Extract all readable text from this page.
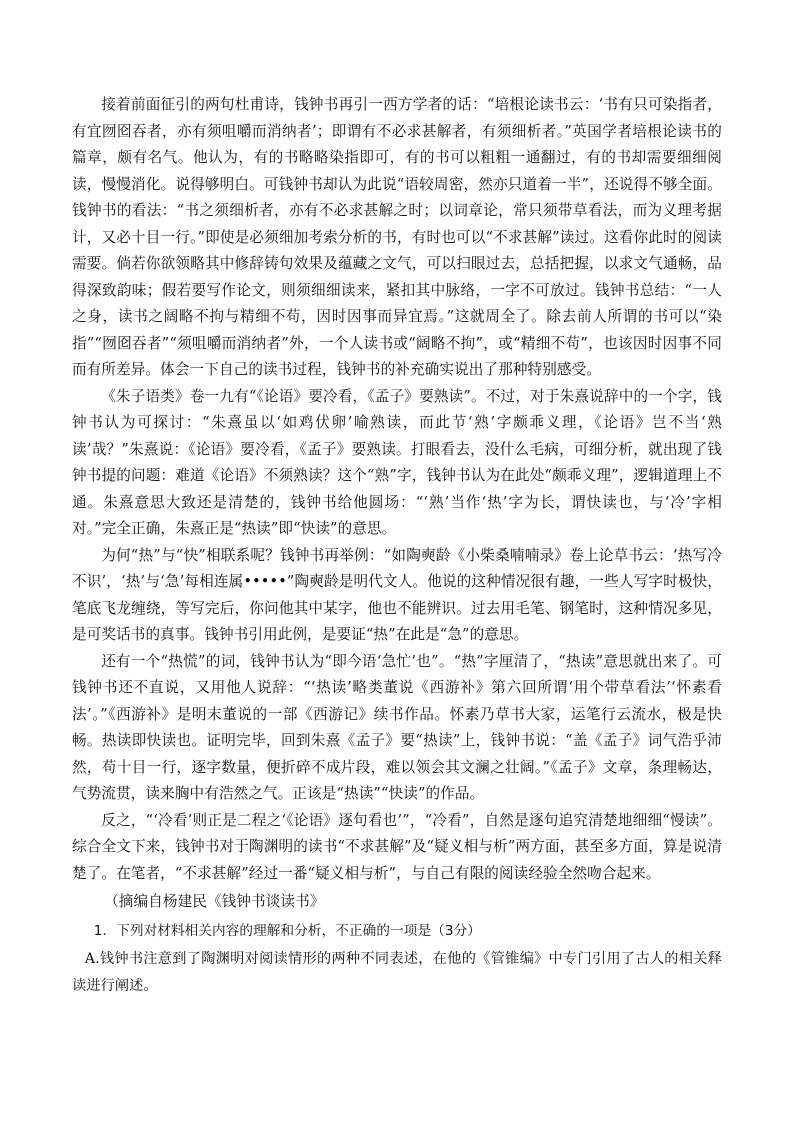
接着前面征引的两句杜甫诗，钱钟书再引一西方学者的话：“培根论读书云：‘书有只可染指者，有宜囫囵吞者，亦有须咀嚼而消纳者’；即谓有不必求甚解者，有须细析者。”英国学者培根论读书的篇章，颇有名气。他认为，有的书略略染指即可，有的书可以粗粗一通翻过，有的书却需要细细阅读，慢慢消化。说得够明白。可钱钟书却认为此说“语较周密，然亦只道着一半”，还说得不够全面。钱钟书的看法：“书之须细析者，亦有不必求甚解之时；以词章论，常只须带草看法，而为义理考据计，又必十目一行。”即使是必须细加考索分析的书，有时也可以“不求甚解”读过。这看你此时的阅读需要。倘若你欲领略其中修辞铸句效果及蕴藏之文气，可以扫眼过去，总括把握，以求文气通畅，品得深致韵味；假若要写作论文，则须细细读来，紧扣其中脉络，一字不可放过。钱钟书总结：“一人之身，读书之阔略不拘与精细不苟，因时因事而异宜焉。”这就周全了。除去前人所谓的书可以“染指”“囫囵吞者”“须咀嚼而消纳者”外，一个人读书或“阔略不拘”，或“精细不苟”，也该因时因事不同而有所差异。体会一下自己的读书过程，钱钟书的补充确实说出了那种特别感受。

《朱子语类》卷一九有“《论语》要冷看，《孟子》要熟读”。不过，对于朱熹说辞中的一个字，钱钟书认为可探讨：“朱熹虽以‘如鸡伏卵’喻熟读，而此节‘熟’字颇乖义理，《论语》岂不当‘熟读’哉？”朱熹说：《论语》要冷看，《孟子》要熟读。打眼看去，没什么毛病，可细分析，就出现了钱钟书提的问题：难道《论语》不须熟读？这个“熟”字，钱钟书认为在此处“颇乖义理”，逻辑道理上不通。朱熹意思大致还是清楚的，钱钟书给他圆场：“‘熟’当作‘热’字为长，谓快读也，与‘冷’字相对。”完全正确，朱熹正是“热读”即“快读”的意思。

为何“热”与“快”相联系呢？钱钟书再举例：“如陶奭龄《小柴桑喃喃录》卷上论草书云：‘热写冷不识’，‘热’与‘急’每相连属•••••”陶奭龄是明代文人。他说的这种情况很有趣，一些人写字时极快，笔底飞龙缠绕，等写完后，你问他其中某字，他也不能辨识。过去用毛笔、钢笔时，这种情况多见，是可奖话书的真事。钱钟书引用此例，是要证“热”在此是“急”的意思。

还有一个“热慌”的词，钱钟书认为“即今语‘急忙’也”。“热”字厘清了，“热读”意思就出来了。可钱钟书还不直说，又用他人说辞：“‘热读’略类董说《西游补》第六回所谓‘用个带草看法’‘怀素看法’。”《西游补》是明末董说的一部《西游记》续书作品。怀素乃草书大家，运笔行云流水，极是快畅。热读即快读也。证明完毕，回到朱熹《孟子》要“热读”上，钱钟书说：“盖《孟子》词气浩乎沛然，苟十目一行，逐字数量，便折碎不成片段，难以领会其文澜之壮阔。”《孟子》文章，条理畅达，气势流贯，读来胸中有浩然之气。正该是“热读”“快读”的作品。

反之，“‘冷看’则正是二程之‘《论语》逐句看也’”，“冷看”，自然是逐句追究清楚地细细“慢读”。综合全文下来，钱钟书对于陶渊明的读书“不求甚解”及“疑义相与析”两方面，甚至多方面，算是说清楚了。在笔者，“不求甚解”经过一番“疑义相与析”，与自己有限的阅读经验全然吻合起来。

（摘编自杨建民《钱钟书谈读书》

1．下列对材料相关内容的理解和分析，不正确的一项是（3分）

A.钱钟书注意到了陶渊明对阅读情形的两种不同表述，在他的《管锥编》中专门引用了古人的相关释读进行阐述。
